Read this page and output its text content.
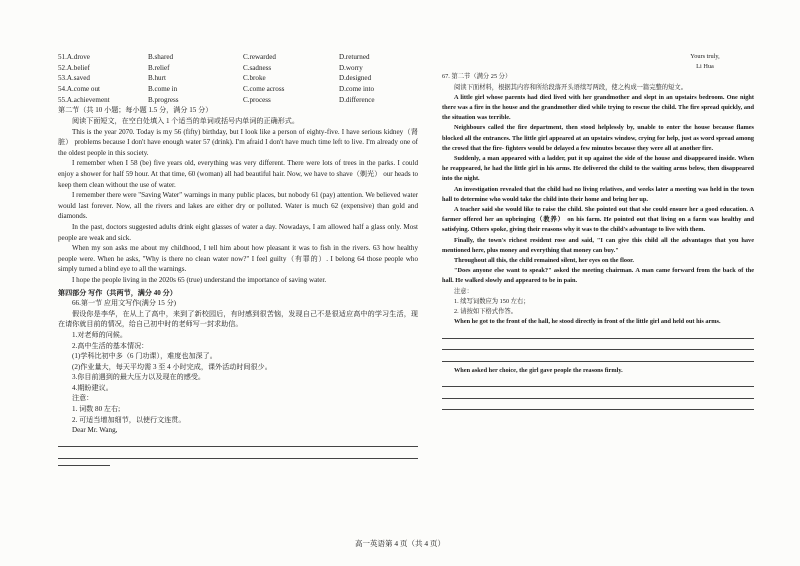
51.A.drove	B.shared	C.rewarded	D.returned
52.A.belief	B.relief	C.sadness	D.worry
53.A.saved	B.hurt	C.broke	D.designed
54.A.come out	B.come in	C.come across	D.come into
55.A.achievement	B.progress	C.process	D.difference

第二节（共 10 小题；每小题 1.5 分，满分 15 分）

阅读下面短文，在空白处填入 1 个适当的单词或括号内单词的正确形式。

This is the year 2070. Today is my 56 (fifty) birthday, but I look like a person of eighty-five. I have serious kidney（肾脏） problems because I don't have enough water 57 (drink). I'm afraid I don't have much time left to live. I'm already one of the oldest people in this society.

I remember when I 58 (be) five years old, everything was very different. There were lots of trees in the parks. I could enjoy a shower for half 59 hour. At that time, 60 (woman) all had beautiful hair. Now, we have to shave（剃光） our heads to keep them clean without the use of water.

I remember there were "Saving Water" warnings in many public places, but nobody 61 (pay) attention. We believed water would last forever. Now, all the rivers and lakes are either dry or polluted. Water is much 62 (expensive) than gold and diamonds.

In the past, doctors suggested adults drink eight glasses of water a day. Nowadays, I am allowed half a glass only. Most people are weak and sick.

When my son asks me about my childhood, I tell him about how pleasant it was to fish in the rivers. 63 how healthy people were. When he asks, "Why is there no clean water now?" I feel guilty（有罪的）. I belong 64 those people who simply turned a blind eye to all the warnings.

I hope the people living in the 2020s 65 (true) understand the importance of saving water.

第四部分 写作（共两节，满分 40 分）

66.第一节 应用文写作(满分 15 分)

假设你是李华，在从上了高中，来到了新校园后，有时感到很苦恼，发现自己不是很适应高中的学习生活，现在请你就目前的情况，给自己初中时的老师写一封求助信。

1.对老师的问候。

2.高中生活的基本情况：

(1)学科比初中多（6 门功课），难度也加深了。

(2)作业量大，每天平均需 3 至 4 小时完成，课外活动时间很少。

3.你目前遇到的最大压力以及现在的感受。

4.期盼建议。

注意：

1. 词数 80 左右;

2. 可适当增加细节，以使行文连贯。

Dear Mr. Wang,

Yours truly,
Li Hua

67. 第二节（满分 25 分）

阅读下面材料，根据其内容和所给段落开头语续写两段，使之构成一篇完整的短文。

A little girl whose parents had died lived with her grandmother and slept in an upstairs bedroom. One night there was a fire in the house and the grandmother died while trying to rescue the child. The fire spread quickly, and the situation was terrible.

Neighbours called the fire department, then stood helplessly by, unable to enter the house because flames blocked all the entrances. The little girl appeared at an upstairs window, crying for help, just as word spread among the crowd that the fire- fighters would be delayed a few minutes because they were all at another fire.

Suddenly, a man appeared with a ladder, put it up against the side of the house and disappeared inside. When he reappeared, he had the little girl in his arms. He delivered the child to the waiting arms below, then disappeared into the night.

An investigation revealed that the child had no living relatives, and weeks later a meeting was held in the town hall to determine who would take the child into their home and bring her up.

A teacher said she would like to raise the child. She pointed out that she could ensure her a good education. A farmer offered her an upbringing（教养） on his farm. He pointed out that living on a farm was healthy and satisfying. Others spoke, giving their reasons why it was to the child's advantage to live with them.

Finally, the town's richest resident rose and said, "I can give this child all the advantages that you have mentioned here, plus money and everything that money can buy."

Throughout all this, the child remained silent, her eyes on the floor.

"Does anyone else want to speak?" asked the meeting chairman. A man came forward from the back of the hall. He walked slowly and appeared to be in pain.

注意：

1. 续写词数应为 150 左右；

2. 请按如下格式作答。

When he got to the front of the hall, he stood directly in front of the little girl and held out his arms.

When asked her choice, the girl gave people the reasons firmly.

高一英语第 4 页（共 4 页）
